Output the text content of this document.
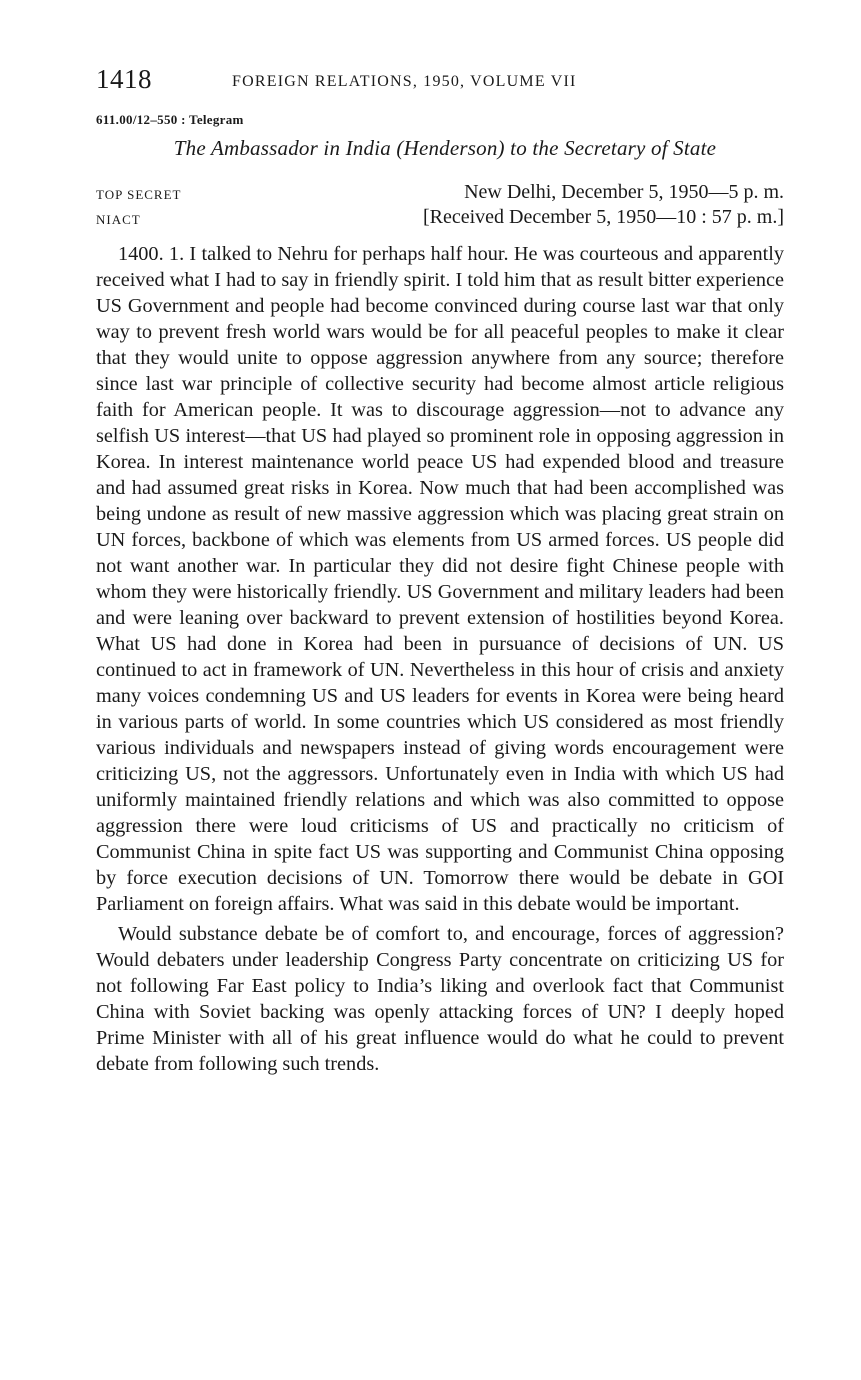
1418	FOREIGN RELATIONS, 1950, VOLUME VII
611.00/12–550 : Telegram
The Ambassador in India (Henderson) to the Secretary of State
TOP SECRET	New Delhi, December 5, 1950—5 p. m.
NIACT	[Received December 5, 1950—10 : 57 p. m.]

1400. 1. I talked to Nehru for perhaps half hour. He was courteous and apparently received what I had to say in friendly spirit. I told him that as result bitter experience US Government and people had become convinced during course last war that only way to prevent fresh world wars would be for all peaceful peoples to make it clear that they would unite to oppose aggression anywhere from any source; therefore since last war principle of collective security had become almost article religious faith for American people. It was to discourage aggression—not to advance any selfish US interest—that US had played so prominent role in opposing aggression in Korea. In interest maintenance world peace US had expended blood and treasure and had assumed great risks in Korea. Now much that had been accomplished was being undone as result of new massive aggression which was placing great strain on UN forces, backbone of which was elements from US armed forces. US people did not want another war. In particular they did not desire fight Chinese people with whom they were historically friendly. US Government and military leaders had been and were leaning over backward to prevent extension of hostilities beyond Korea. What US had done in Korea had been in pursuance of decisions of UN. US continued to act in framework of UN. Nevertheless in this hour of crisis and anxiety many voices condemning US and US leaders for events in Korea were being heard in various parts of world. In some countries which US considered as most friendly various individuals and newspapers instead of giving words encouragement were criticizing US, not the aggressors. Unfortunately even in India with which US had uniformly maintained friendly relations and which was also committed to oppose aggression there were loud criticisms of US and practically no criticism of Communist China in spite fact US was supporting and Communist China opposing by force execution decisions of UN. Tomorrow there would be debate in GOI Parliament on foreign affairs. What was said in this debate would be important.

Would substance debate be of comfort to, and encourage, forces of aggression? Would debaters under leadership Congress Party concentrate on criticizing US for not following Far East policy to India’s liking and overlook fact that Communist China with Soviet backing was openly attacking forces of UN? I deeply hoped Prime Minister with all of his great influence would do what he could to prevent debate from following such trends.
